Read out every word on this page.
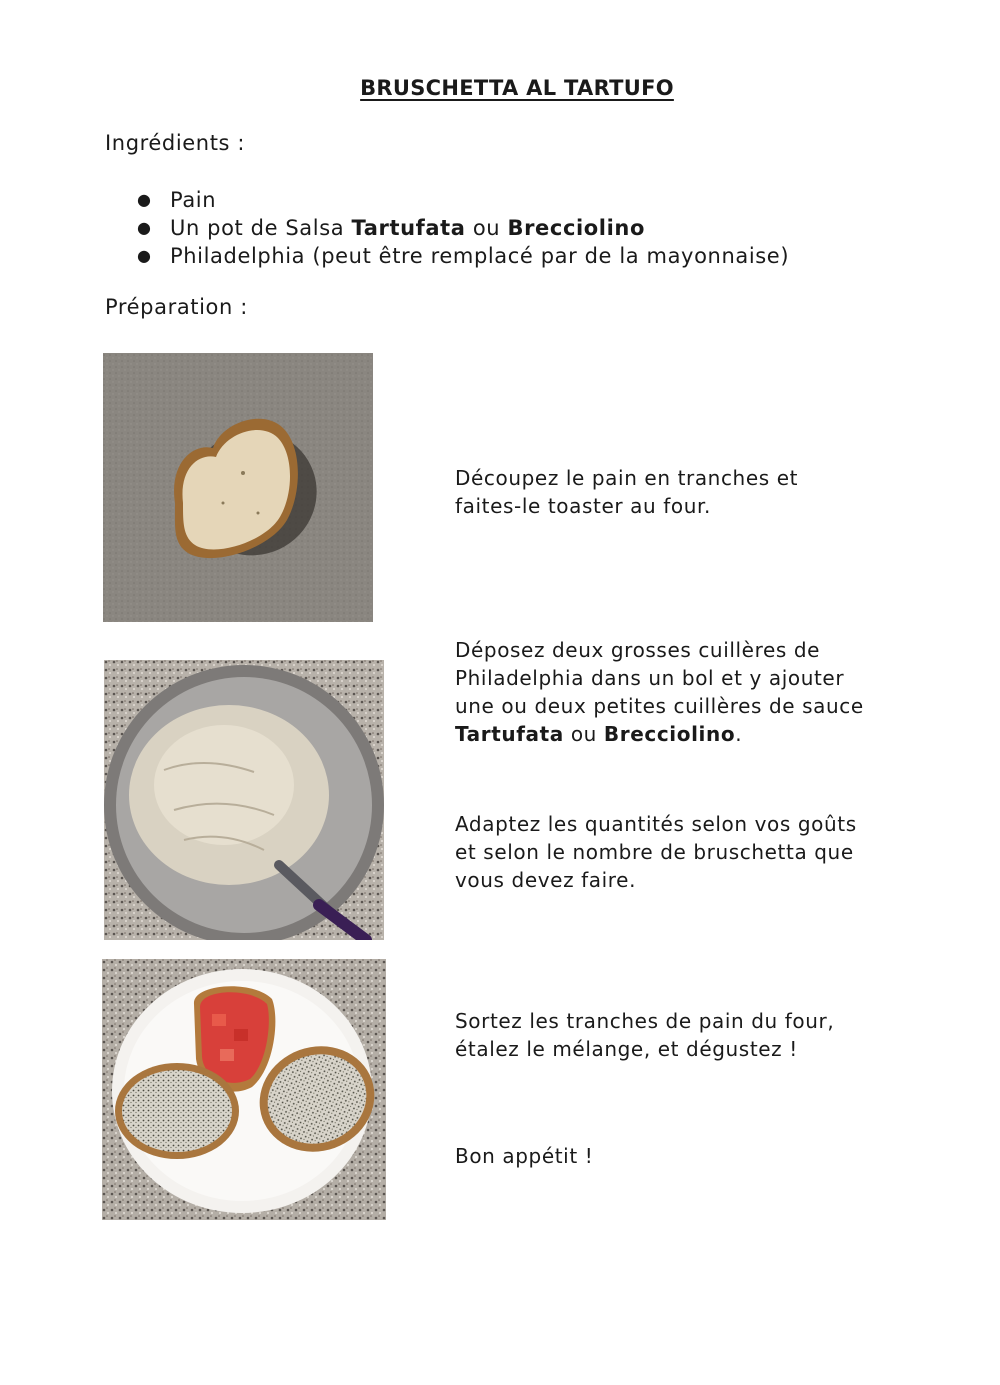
BRUSCHETTA AL TARTUFO
Ingrédients :
● Pain
● Un pot de Salsa Tartufata ou Brecciolino
● Philadelphia (peut être remplacé par de la mayonnaise)
Préparation :
Découpez le pain en tranches et
faites-le toaster au four.
Déposez deux grosses cuillères de
Philadelphia dans un bol et y ajouter
une ou deux petites cuillères de sauce
Tartufata ou Brecciolino.
Adaptez les quantités selon vos goûts
et selon le nombre de bruschetta que
vous devez faire.
Sortez les tranches de pain du four,
étalez le mélange, et dégustez !
Bon appétit !
